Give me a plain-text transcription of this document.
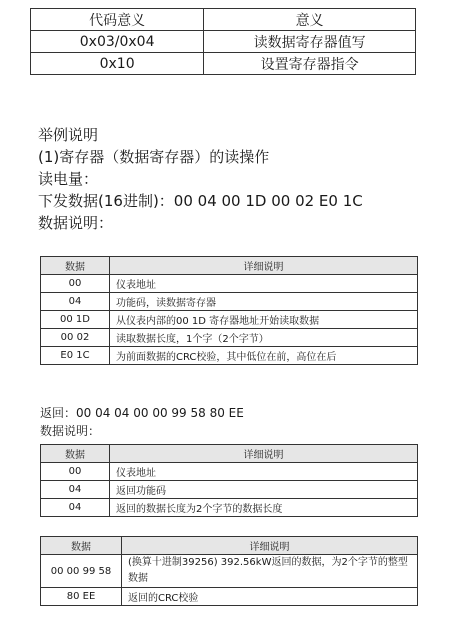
代码意义	意义
0x03/0x04	读数据寄存器值写
0x10	设置寄存器指令
举例说明
(1)寄存器（数据寄存器）的读操作
读电量：
下发数据(16进制)：00 04 00 1D 00 02 E0 1C
数据说明：
数据	详细说明
00	仪表地址
04	功能码，读数据寄存器
00 1D	从仪表内部的00 1D 寄存器地址开始读取数据
00 02	读取数据长度，1个字（2个字节）
E0 1C	为前面数据的CRC校验，其中低位在前，高位在后
返回：00 04 04 00 00 99 58 80 EE
数据说明：
数据	详细说明
00	仪表地址
04	返回功能码
04	返回的数据长度为2个字节的数据长度
数据	详细说明
00 00 99 58	(换算十进制39256) 392.56kW返回的数据，为2个字节的整型数据
80 EE	返回的CRC校验
